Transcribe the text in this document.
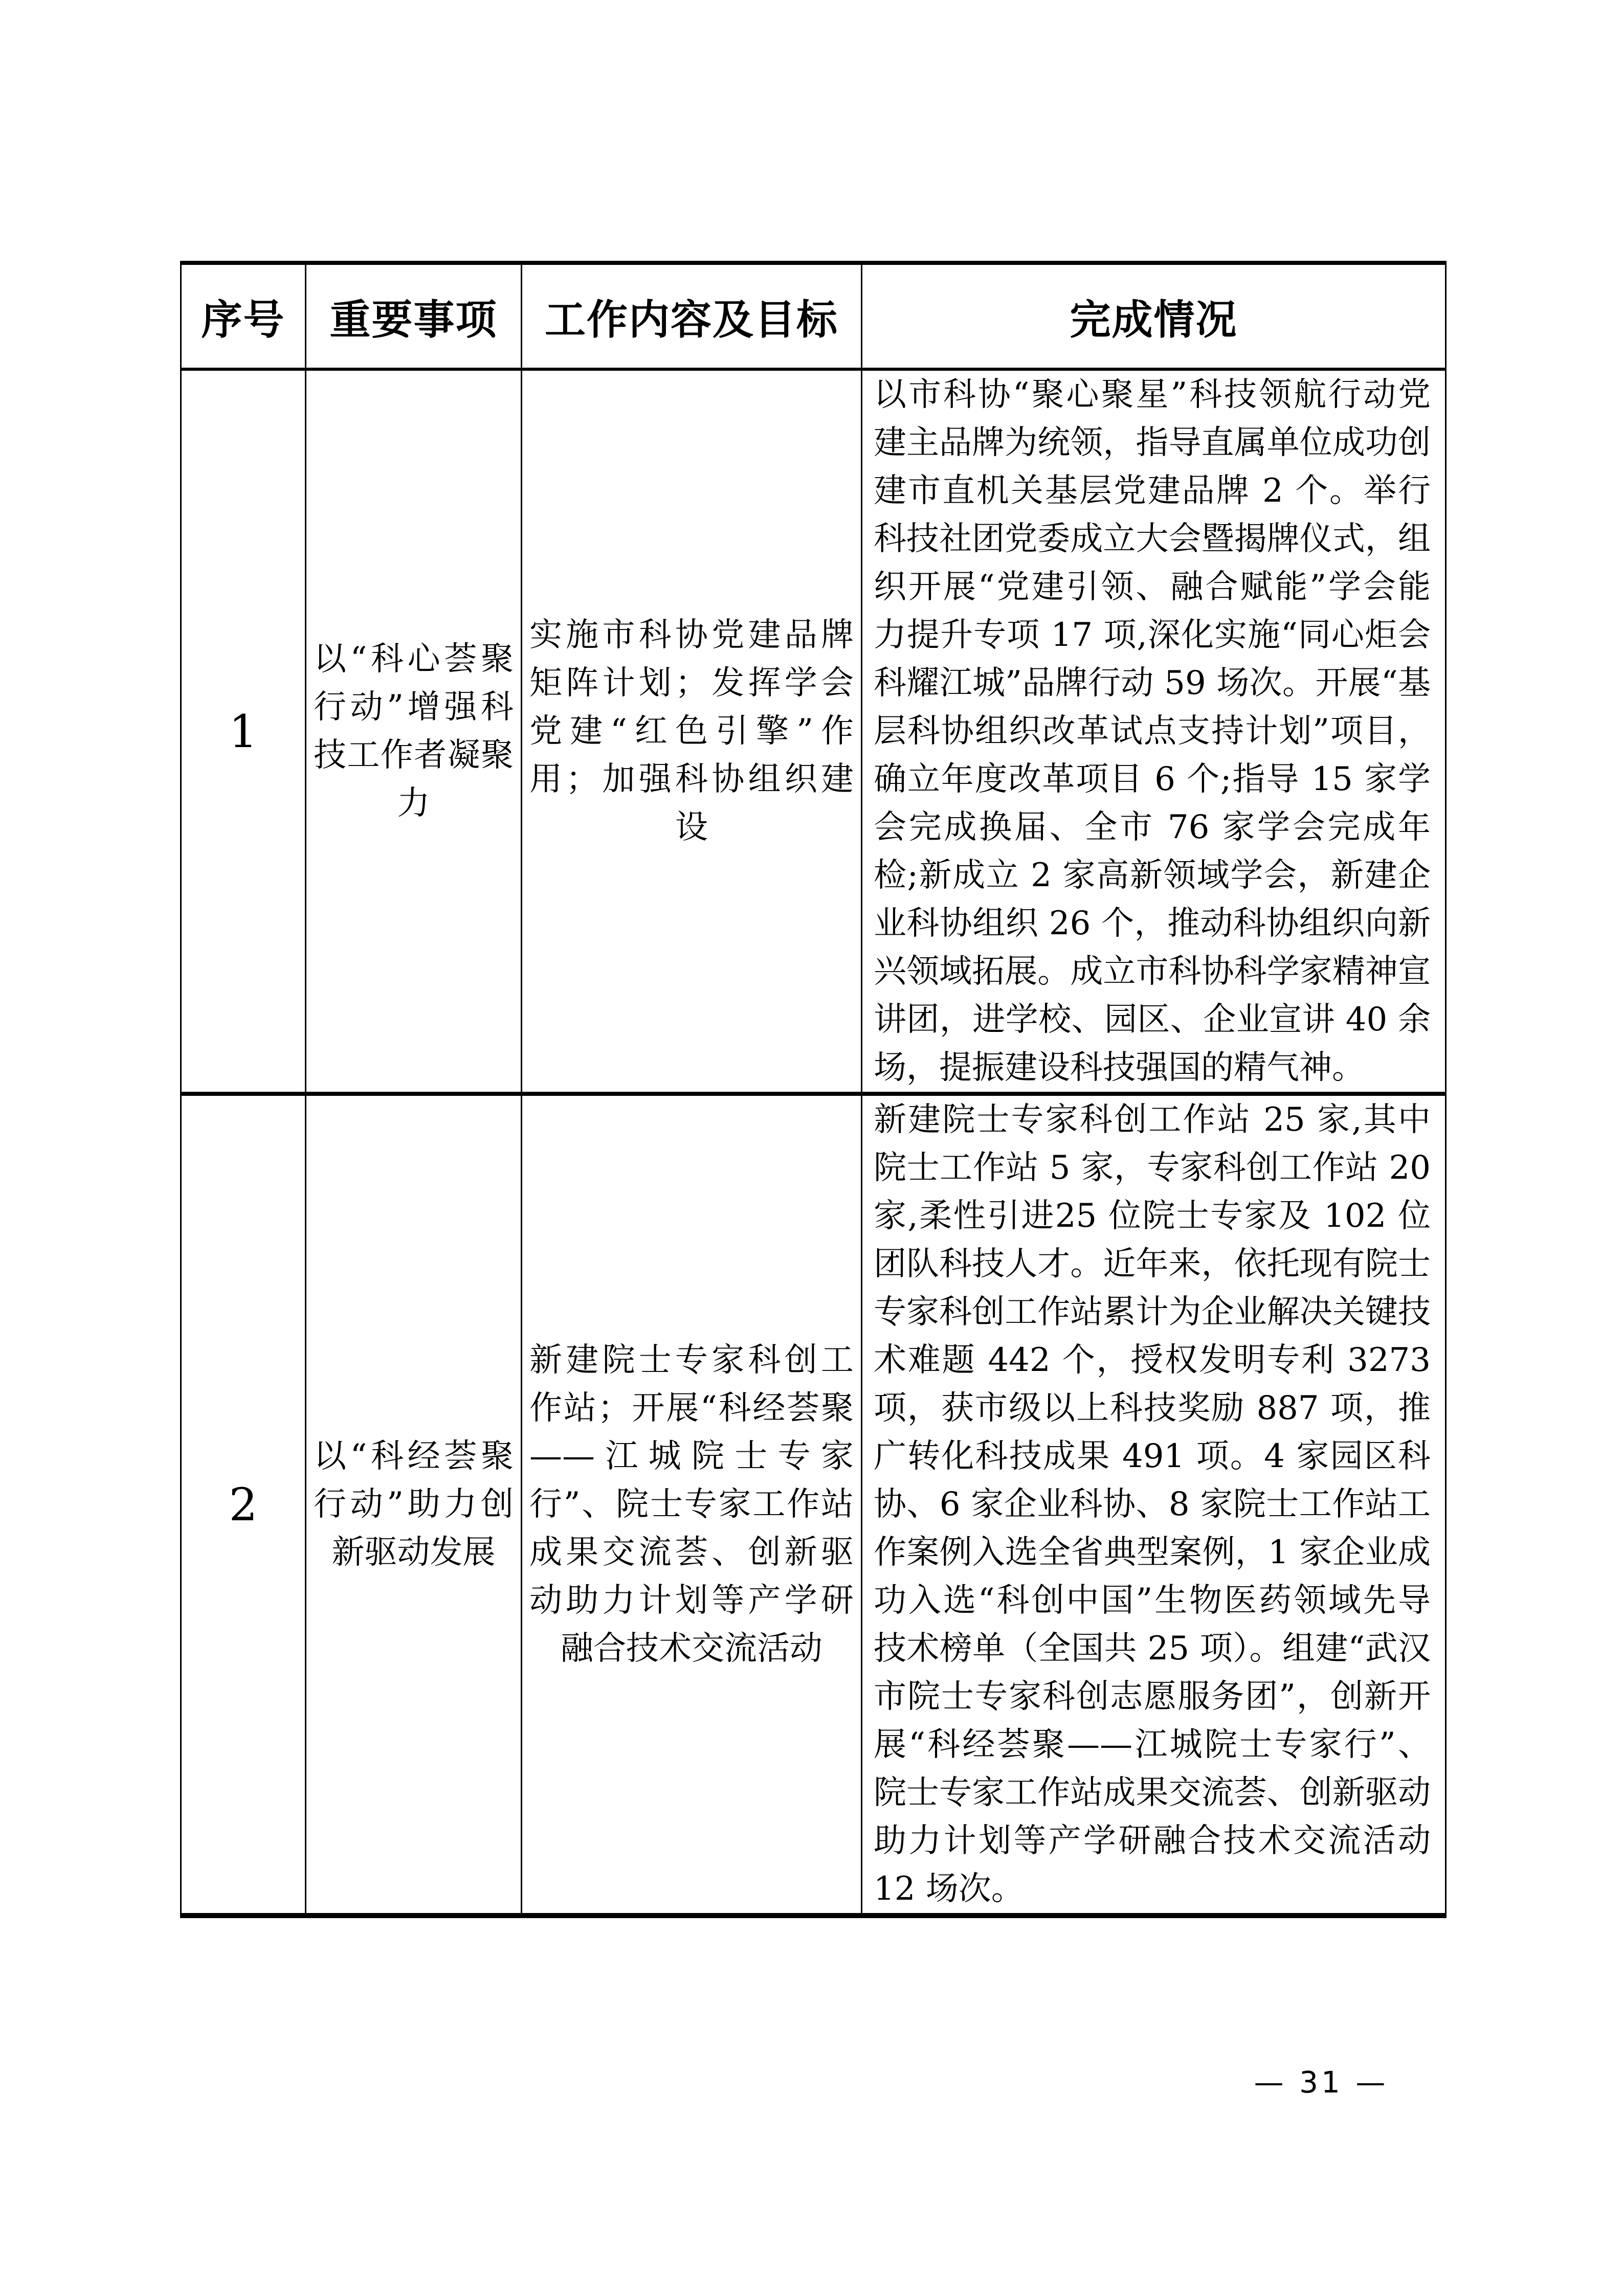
序号	重要事项	工作内容及目标	完成情况
1	以“科心荟聚行动”增强科技工作者凝聚力	实施市科协党建品牌矩阵计划；发挥学会党建“红色引擎”作用；加强科协组织建设	以市科协“聚心聚星”科技领航行动党建主品牌为统领，指导直属单位成功创建市直机关基层党建品牌 2 个。举行科技社团党委成立大会暨揭牌仪式，组织开展“党建引领、融合赋能”学会能力提升专项 17 项,深化实施“同心炬会 科耀江城”品牌行动 59 场次。开展“基层科协组织改革试点支持计划”项目，确立年度改革项目 6 个;指导 15 家学会完成换届、全市 76 家学会完成年检;新成立 2 家高新领域学会，新建企业科协组织 26 个，推动科协组织向新兴领域拓展。成立市科协科学家精神宣讲团，进学校、园区、企业宣讲 40 余场，提振建设科技强国的精气神。
2	以“科经荟聚行动”助力创新驱动发展	新建院士专家科创工作站；开展“科经荟聚——江城院士专家行”、院士专家工作站成果交流荟、创新驱动助力计划等产学研融合技术交流活动	新建院士专家科创工作站 25 家,其中院士工作站 5 家，专家科创工作站 20 家,柔性引进25 位院士专家及 102 位团队科技人才。近年来，依托现有院士专家科创工作站累计为企业解决关键技术难题 442 个，授权发明专利 3273 项，获市级以上科技奖励 887 项，推广转化科技成果 491 项。4 家园区科协、6 家企业科协、8 家院士工作站工作案例入选全省典型案例，1 家企业成功入选“科创中国”生物医药领域先导技术榜单（全国共 25 项）。组建“武汉市院士专家科创志愿服务团”，创新开展“科经荟聚——江城院士专家行”、院士专家工作站成果交流荟、创新驱动助力计划等产学研融合技术交流活动 12 场次。
— 31 —
